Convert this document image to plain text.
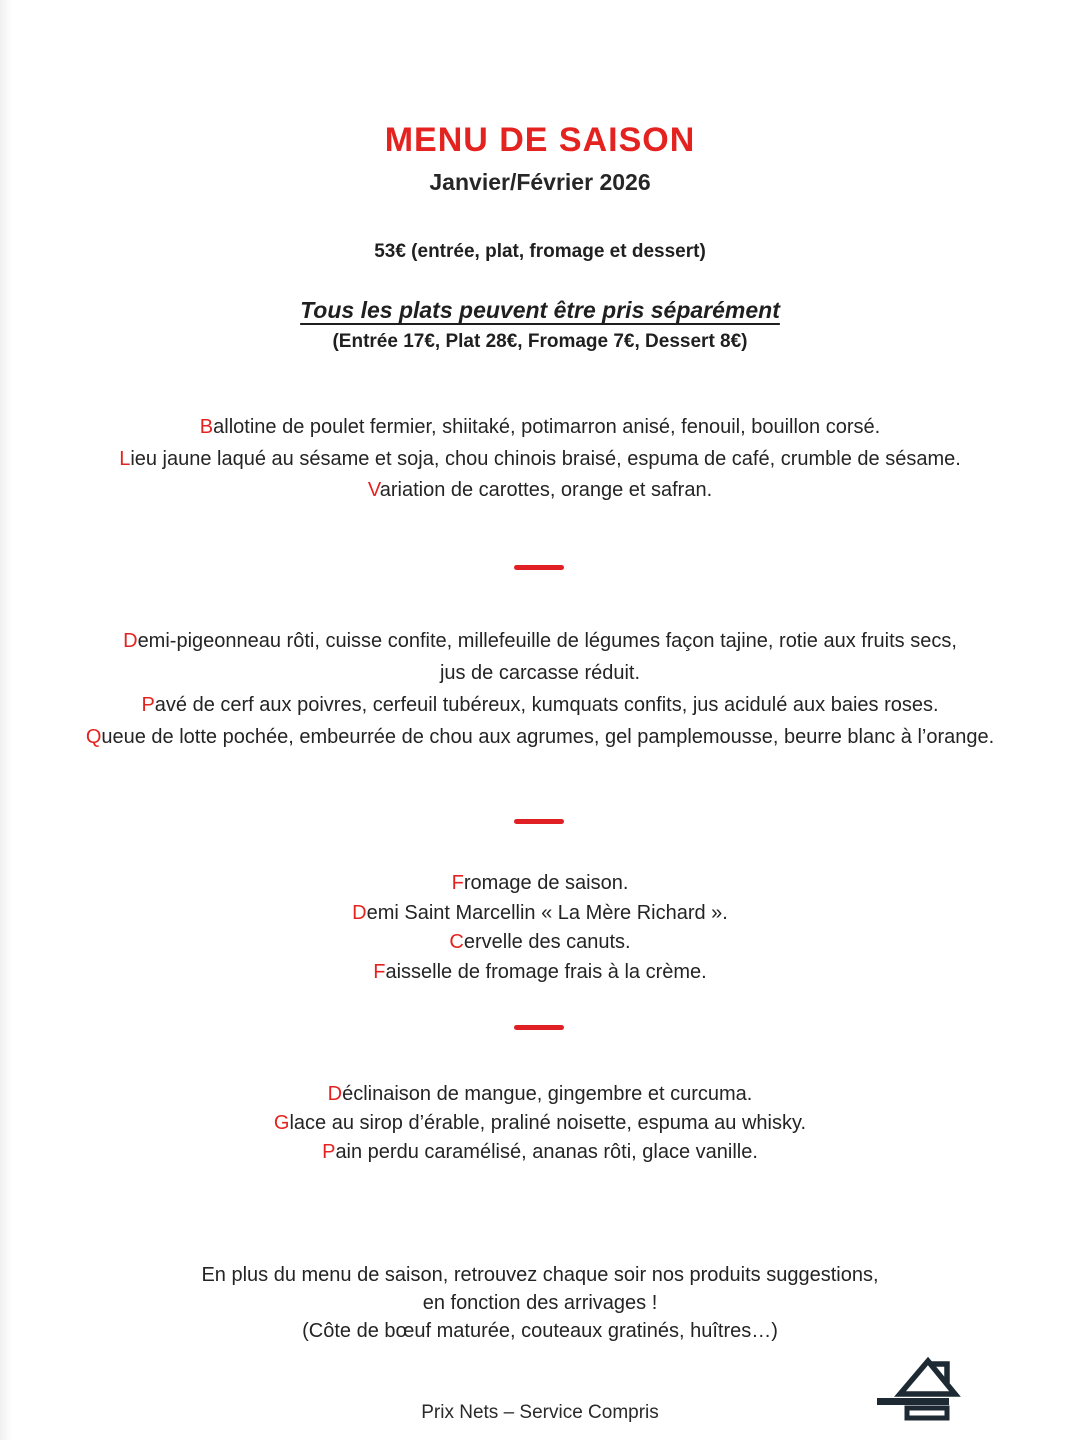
MENU DE SAISON
Janvier/Février 2026
53€ (entrée, plat, fromage et dessert)
Tous les plats peuvent être pris séparément
(Entrée 17€, Plat 28€, Fromage 7€, Dessert 8€)
Ballotine de poulet fermier, shiitaké, potimarron anisé, fenouil, bouillon corsé.
Lieu jaune laqué au sésame et soja, chou chinois braisé, espuma de café, crumble de sésame.
Variation de carottes, orange et safran.
Demi-pigeonneau rôti, cuisse confite, millefeuille de légumes façon tajine, rotie aux fruits secs,
jus de carcasse réduit.
Pavé de cerf aux poivres, cerfeuil tubéreux, kumquats confits, jus acidulé aux baies roses.
Queue de lotte pochée, embeurrée de chou aux agrumes, gel pamplemousse, beurre blanc à l’orange.
Fromage de saison.
Demi Saint Marcellin « La Mère Richard ».
Cervelle des canuts.
Faisselle de fromage frais à la crème.
Déclinaison de mangue, gingembre et curcuma.
Glace au sirop d’érable, praliné noisette, espuma au whisky.
Pain perdu caramélisé, ananas rôti, glace vanille.
En plus du menu de saison, retrouvez chaque soir nos produits suggestions,
en fonction des arrivages !
(Côte de bœuf maturée, couteaux gratinés, huîtres…)
Prix Nets – Service Compris
